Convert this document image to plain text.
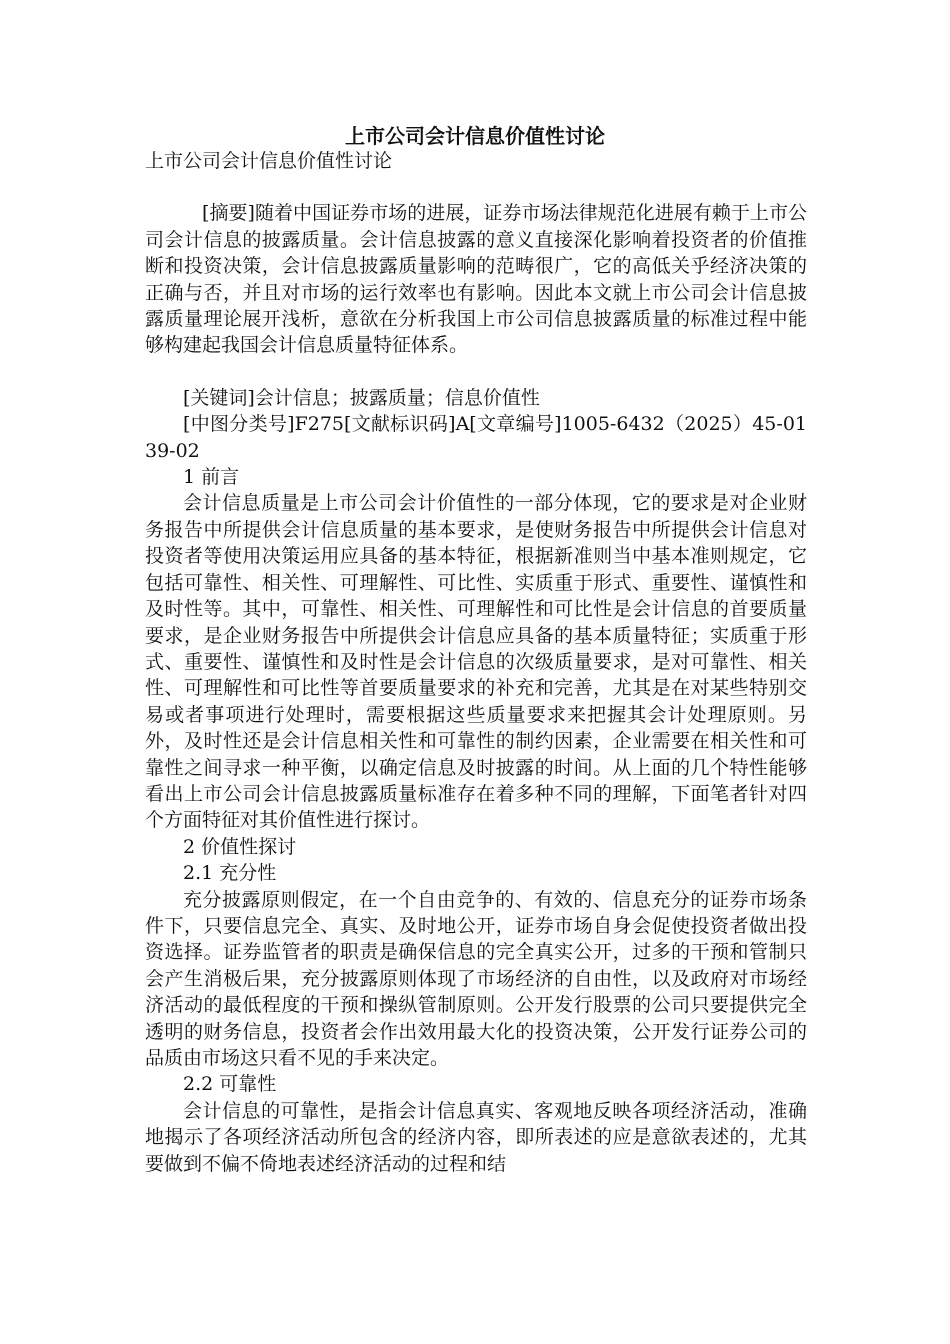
上市公司会计信息价值性讨论

上市公司会计信息价值性讨论

[摘要]随着中国证券市场的进展，证券市场法律规范化进展有赖于上市公司会计信息的披露质量。会计信息披露的意义直接深化影响着投资者的价值推断和投资决策，会计信息披露质量影响的范畴很广，它的高低关乎经济决策的正确与否，并且对市场的运行效率也有影响。因此本文就上市公司会计信息披露质量理论展开浅析，意欲在分析我国上市公司信息披露质量的标准过程中能够构建起我国会计信息质量特征体系。

[关键词]会计信息；披露质量；信息价值性

[中图分类号]F275[文献标识码]A[文章编号]1005-6432（2025）45-0139-02

1 前言

会计信息质量是上市公司会计价值性的一部分体现，它的要求是对企业财务报告中所提供会计信息质量的基本要求，是使财务报告中所提供会计信息对投资者等使用决策运用应具备的基本特征，根据新准则当中基本准则规定，它包括可靠性、相关性、可理解性、可比性、实质重于形式、重要性、谨慎性和及时性等。其中，可靠性、相关性、可理解性和可比性是会计信息的首要质量要求，是企业财务报告中所提供会计信息应具备的基本质量特征；实质重于形式、重要性、谨慎性和及时性是会计信息的次级质量要求，是对可靠性、相关性、可理解性和可比性等首要质量要求的补充和完善，尤其是在对某些特别交易或者事项进行处理时，需要根据这些质量要求来把握其会计处理原则。另外，及时性还是会计信息相关性和可靠性的制约因素，企业需要在相关性和可靠性之间寻求一种平衡，以确定信息及时披露的时间。从上面的几个特性能够看出上市公司会计信息披露质量标准存在着多种不同的理解，下面笔者针对四个方面特征对其价值性进行探讨。

2 价值性探讨

2.1 充分性

充分披露原则假定，在一个自由竞争的、有效的、信息充分的证券市场条件下，只要信息完全、真实、及时地公开，证券市场自身会促使投资者做出投资选择。证券监管者的职责是确保信息的完全真实公开，过多的干预和管制只会产生消极后果，充分披露原则体现了市场经济的自由性，以及政府对市场经济活动的最低程度的干预和操纵管制原则。公开发行股票的公司只要提供完全透明的财务信息，投资者会作出效用最大化的投资决策，公开发行证券公司的品质由市场这只看不见的手来决定。

2.2 可靠性

会计信息的可靠性，是指会计信息真实、客观地反映各项经济活动，准确地揭示了各项经济活动所包含的经济内容，即所表述的应是意欲表述的，尤其要做到不偏不倚地表述经济活动的过程和结
